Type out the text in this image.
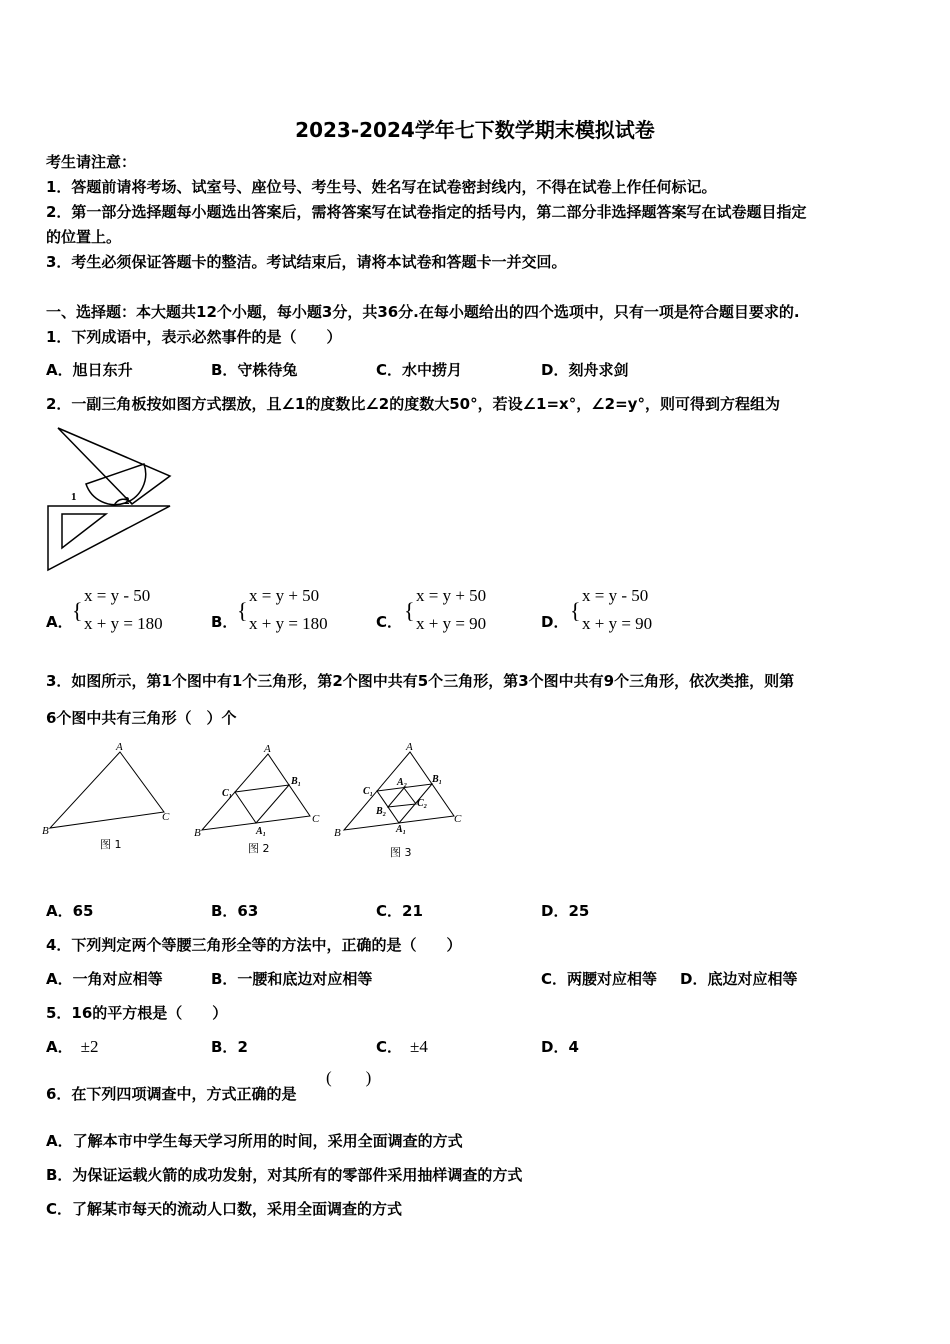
2023-2024学年七下数学期末模拟试卷
考生请注意：
1．答题前请将考场、试室号、座位号、考生号、姓名写在试卷密封线内，不得在试卷上作任何标记。
2．第一部分选择题每小题选出答案后，需将答案写在试卷指定的括号内，第二部分非选择题答案写在试卷题目指定
的位置上。
3．考生必须保证答题卡的整洁。考试结束后，请将本试卷和答题卡一并交回。
一、选择题：本大题共12个小题，每小题3分，共36分.在每小题给出的四个选项中，只有一项是符合题目要求的.
1．下列成语中，表示必然事件的是（　　）
A．旭日东升	B．守株待兔	C．水中捞月	D．刻舟求剑
2．一副三角板按如图方式摆放，且∠1的度数比∠2的度数大50°，若设∠1=x°，∠2=y°，则可得到方程组为
1	2
A． {
x = y - 50
x + y = 180	B． {
x = y + 50
x + y = 180	C． {
x = y + 50
x + y = 90	D． {
x = y - 50
x + y = 90
3．如图所示，第1个图中有1个三角形，第2个图中共有5个三角形，第3个图中共有9个三角形，依次类推，则第
6个图中共有三角形（　）个
A
B
C
图 1
A
B
C
C₁
B₁
A₁
图 2
A
B
C
C₁
B₁
A₁
A₂
B₂
C₂
图 3
A．65	B．63	C．21	D．25
4．下列判定两个等腰三角形全等的方法中，正确的是（　　）
A．一角对应相等	B．一腰和底边对应相等	C．两腰对应相等 D．底边对应相等
5．16的平方根是（　　）
A． ±2	B．2	C． ±4	D．4
6．在下列四项调查中，方式正确的是
(　　)
A．了解本市中学生每天学习所用的时间，采用全面调查的方式
B．为保证运载火箭的成功发射，对其所有的零部件采用抽样调查的方式
C．了解某市每天的流动人口数，采用全面调查的方式
